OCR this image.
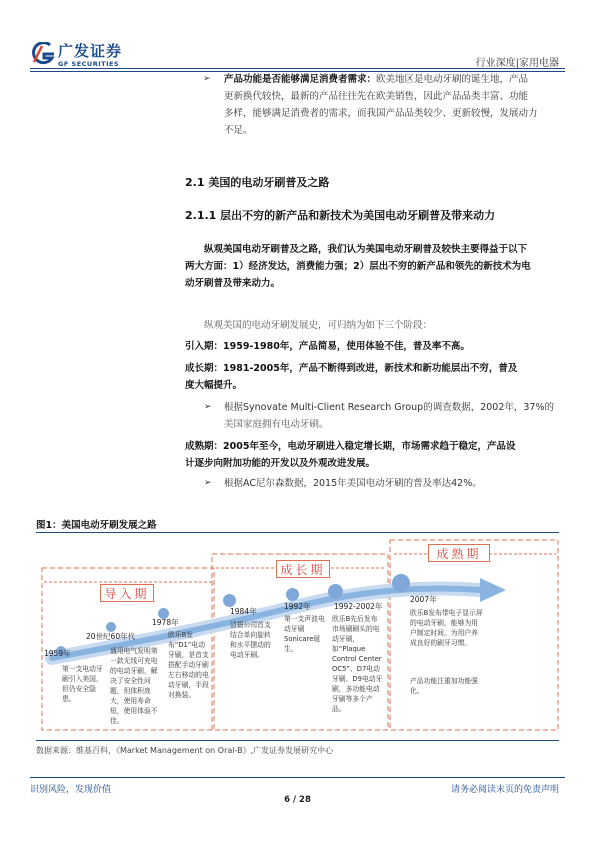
广发证券
GF SECURITIES	行业深度|家用电器
➢ 产品功能是否能够满足消费者需求：欧美地区是电动牙刷的诞生地，产品
更新换代较快，最新的产品往往先在欧美销售，因此产品品类丰富、功能
多样，能够满足消费者的需求，而我国产品品类较少、更新较慢，发展动力
不足。
2.1 美国的电动牙刷普及之路
2.1.1 层出不穷的新产品和新技术为美国电动牙刷普及带来动力
纵观美国电动牙刷普及之路，我们认为美国电动牙刷普及较快主要得益于以下
两大方面：1）经济发达，消费能力强；2）层出不穷的新产品和领先的新技术为电
动牙刷普及带来动力。
纵观美国的电动牙刷发展史，可归纳为如下三个阶段：
引入期：1959-1980年，产品简易，使用体验不佳，普及率不高。
成长期：1981-2005年，产品不断得到改进，新技术和新功能层出不穷，普及
度大幅提升。
➢ 根据Synovate Multi-Client Research Group的调查数据，2002年，37%的
美国家庭拥有电动牙刷。
成熟期：2005年至今，电动牙刷进入稳定增长期，市场需求趋于稳定，产品设
计逐步向附加功能的开发以及外观改进发展。
➢ 根据AC尼尔森数据，2015年美国电动牙刷的普及率达42%。
图1：美国电动牙刷发展之路
导入期
成长期
成熟期
1959年
20世纪60年代
1978年
1984年
1992年	1992-2002年
2007年
第一支电动牙刷引入美国，但仍安全隐患。
通用电气发明第一款无线可充电的电动牙刷，解决了安全性问题，但体积庞大，使用寿命短，使用体验不佳。
欧乐B发布“D1”电动牙刷，是首支搭配手动牙刷左右移动的电动牙刷，手段对换装。
洁碧公司首支结合单向旋转和水平摆动的电动牙刷。
第一支声波电动牙刷Sonicare诞生。
欧乐B先后发布市场刷刷头的电动牙刷，如“Plaque Control Center OC5”、D7电动牙刷、D9电动牙刷，多功能电动牙刷等多个产品。
欧乐B发布带电子显示屏的电动牙刷，能够为用户制定时间，为用户养成良好的刷牙习惯。
产品功能注重加功能强化。
数据来源：维基百科，《Market Management on Oral-B》,广发证券发展研究中心
识别风险，发现价值	请务必阅读末页的免责声明
6 / 28
